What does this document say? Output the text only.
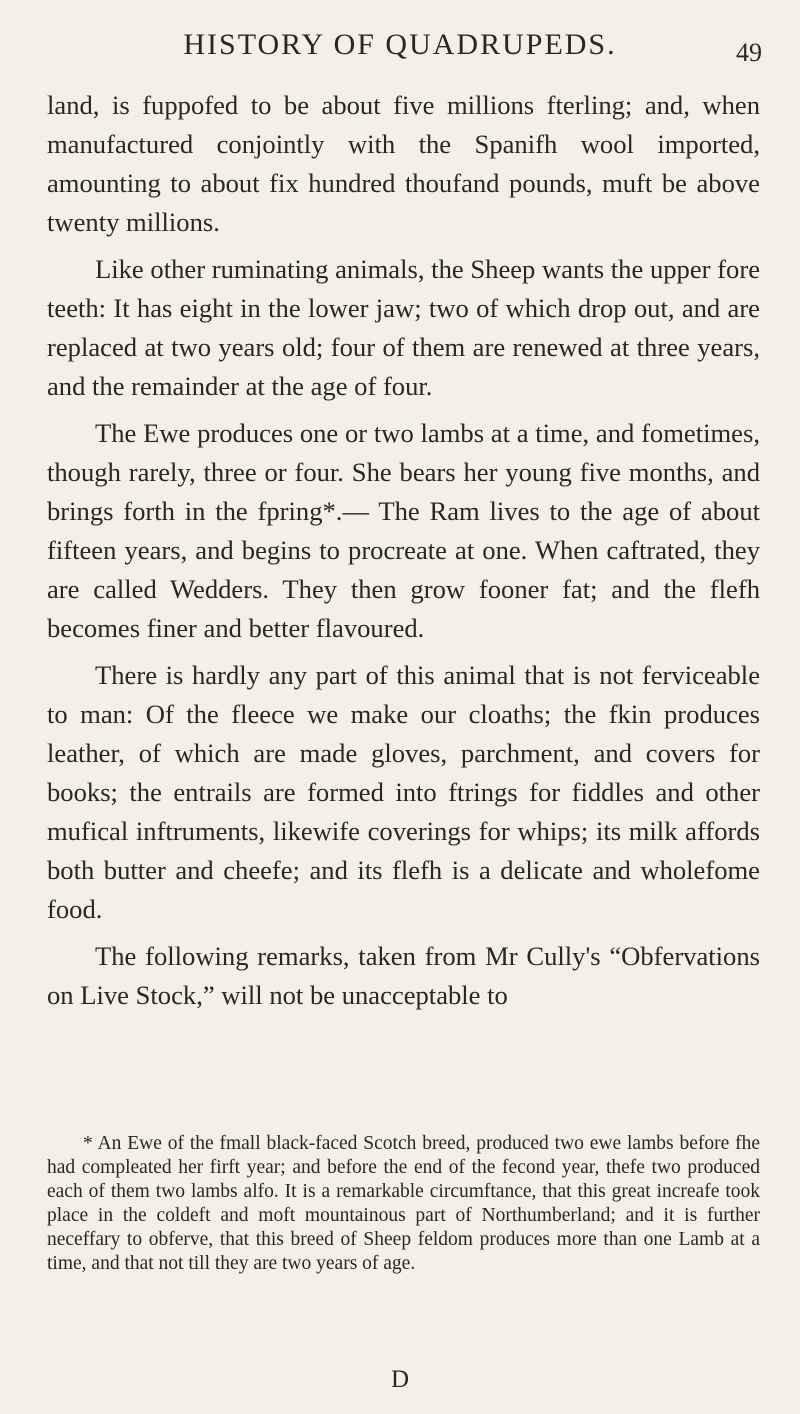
HISTORY OF QUADRUPEDS.	49

land, is fuppofed to be about five millions fterling; and, when manufactured conjointly with the Spanifh wool imported, amounting to about fix hundred thoufand pounds, muft be above twenty millions.

Like other ruminating animals, the Sheep wants the upper fore teeth: It has eight in the lower jaw; two of which drop out, and are replaced at two years old; four of them are renewed at three years, and the remainder at the age of four.

The Ewe produces one or two lambs at a time, and fometimes, though rarely, three or four. She bears her young five months, and brings forth in the fpring*.— The Ram lives to the age of about fifteen years, and begins to procreate at one. When caftrated, they are called Wedders. They then grow fooner fat; and the flefh becomes finer and better flavoured.

There is hardly any part of this animal that is not ferviceable to man: Of the fleece we make our cloaths; the fkin produces leather, of which are made gloves, parchment, and covers for books; the entrails are formed into ftrings for fiddles and other mufical inftruments, likewife coverings for whips; its milk affords both butter and cheefe; and its flefh is a delicate and wholefome food.

The following remarks, taken from Mr Cully's “Obfervations on Live Stock,” will not be unacceptable to

* An Ewe of the fmall black-faced Scotch breed, produced two ewe lambs before fhe had compleated her firft year; and before the end of the fecond year, thefe two produced each of them two lambs alfo. It is a remarkable circumftance, that this great increafe took place in the coldeft and moft mountainous part of Northumberland; and it is further neceffary to obferve, that this breed of Sheep feldom produces more than one Lamb at a time, and that not till they are two years of age.
D
